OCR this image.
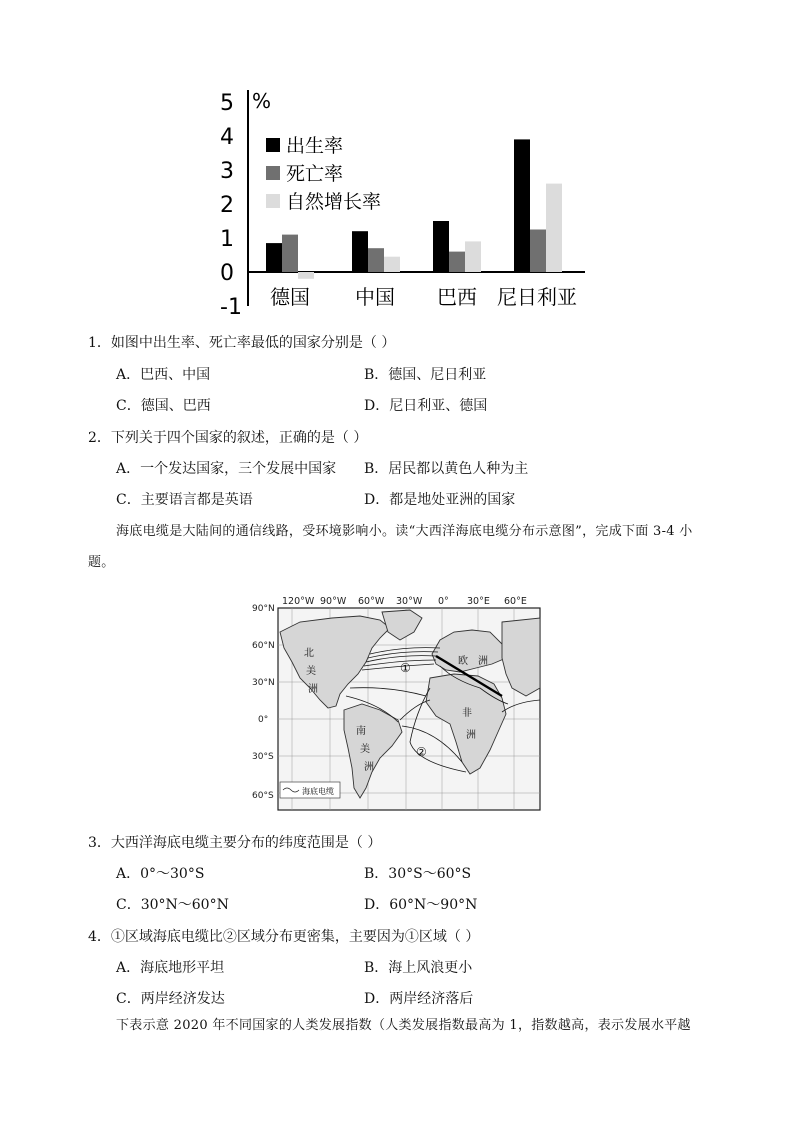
5
4
3
2
1
0
-1
%
德国 中国 巴西 尼日利亚
出生率
死亡率
自然增长率
1．如图中出生率、死亡率最低的国家分别是（ ）
A．巴西、中国	B．德国、尼日利亚
C．德国、巴西	D．尼日利亚、德国
2．下列关于四个国家的叙述，正确的是（ ）
A．一个发达国家，三个发展中国家 B．居民都以黄色人种为主
C．主要语言都是英语	D．都是地处亚洲的国家
海底电缆是大陆间的通信线路，受环境影响小。读“大西洋海底电缆分布示意图”，完成下面 3-4 小题。
120°W 90°W 60°W 30°W 0° 30°E 60°E
90°N
60°N
30°N
0°
30°S
60°S
北
美
洲
南
美
洲
欧　洲
非
洲
①
②
海底电缆
3．大西洋海底电缆主要分布的纬度范围是（ ）
A．0°～30°S	B．30°S～60°S
C．30°N～60°N	D．60°N～90°N
4．①区域海底电缆比②区域分布更密集，主要因为①区域（ ）
A．海底地形平坦	B．海上风浪更小
C．两岸经济发达	D．两岸经济落后
下表示意 2020 年不同国家的人类发展指数（人类发展指数最高为 1，指数越高，表示发展水平越
